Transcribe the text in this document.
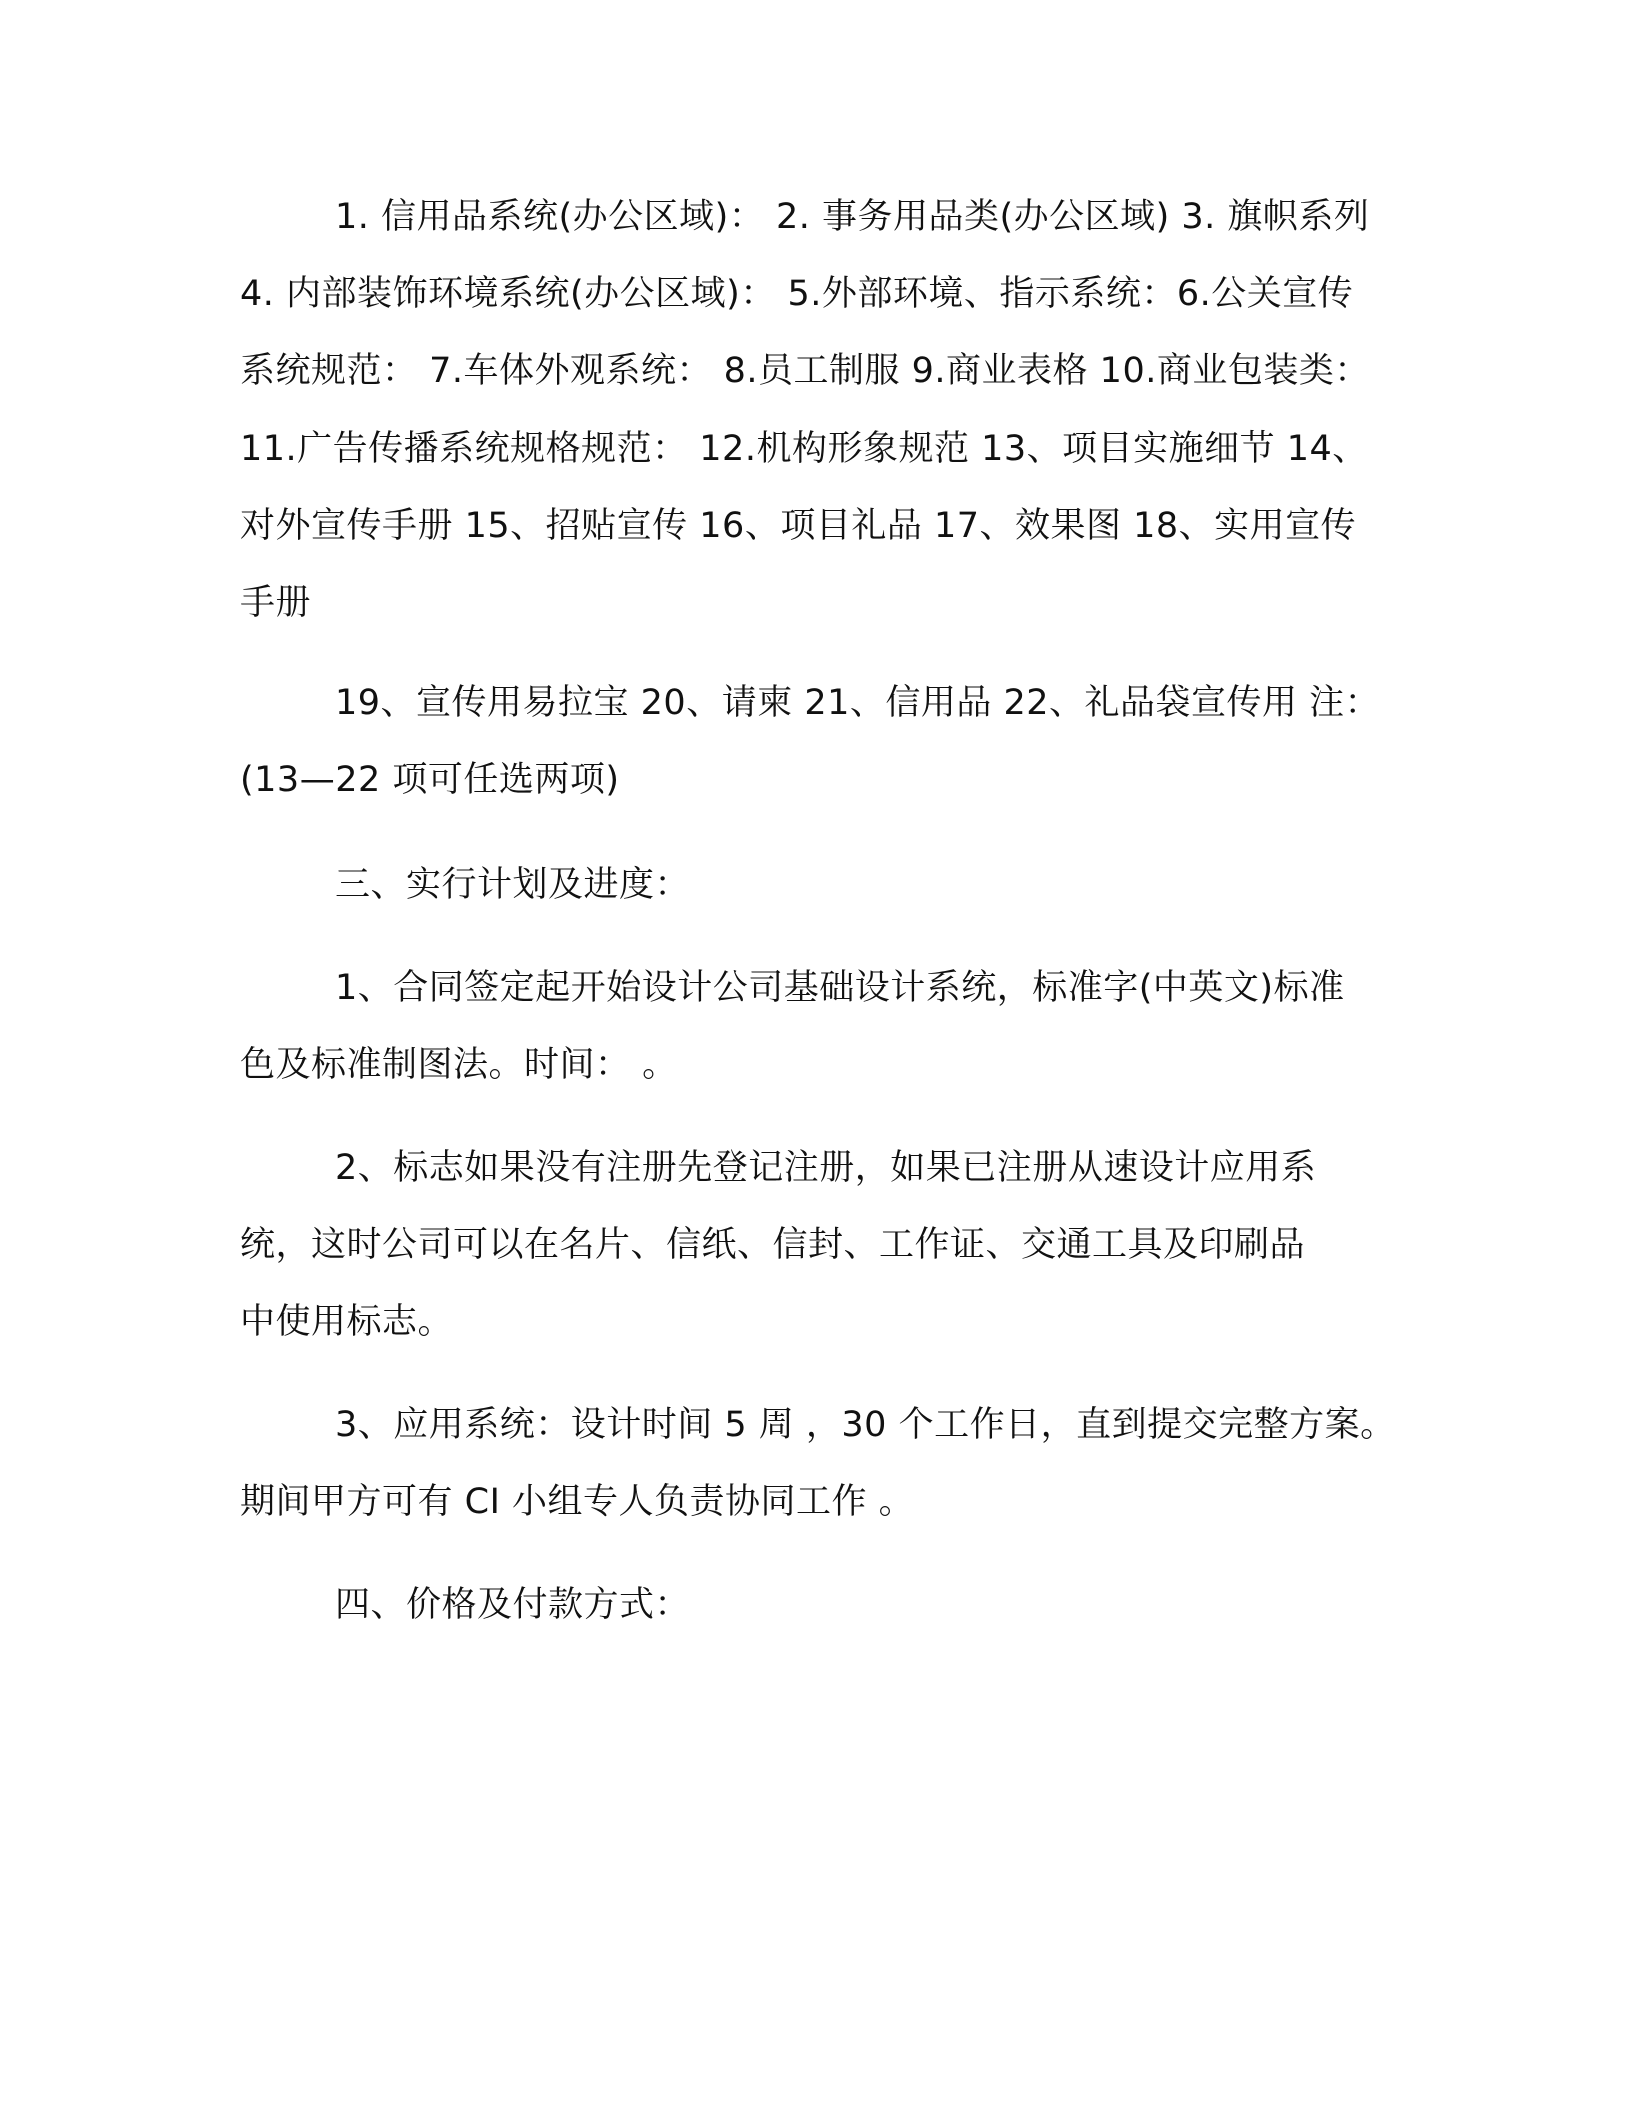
1. 信用品系统(办公区域)： 2. 事务用品类(办公区域) 3. 旗帜系列

4. 内部装饰环境系统(办公区域)： 5.外部环境、指示系统：6.公关宣传

系统规范： 7.车体外观系统： 8.员工制服 9.商业表格 10.商业包装类：

11.广告传播系统规格规范： 12.机构形象规范 13、项目实施细节 14、

对外宣传手册 15、招贴宣传 16、项目礼品 17、效果图 18、实用宣传

手册

19、宣传用易拉宝 20、请柬 21、信用品 22、礼品袋宣传用 注：

(13—22 项可任选两项)

三、实行计划及进度：

1、合同签定起开始设计公司基础设计系统，标准字(中英文)标准

色及标准制图法。时间： 。

2、标志如果没有注册先登记注册，如果已注册从速设计应用系

统，这时公司可以在名片、信纸、信封、工作证、交通工具及印刷品

中使用标志。

3、应用系统：设计时间 5 周 ，30 个工作日，直到提交完整方案。

期间甲方可有 CI 小组专人负责协同工作 。

四、价格及付款方式：
